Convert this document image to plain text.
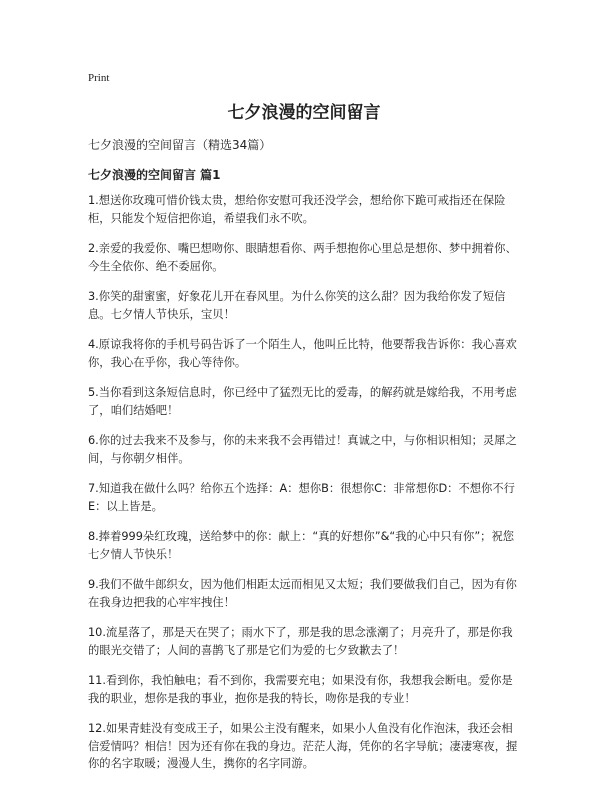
Print
七夕浪漫的空间留言
七夕浪漫的空间留言（精选34篇）
七夕浪漫的空间留言 篇1

1.想送你玫瑰可惜价钱太贵，想给你安慰可我还没学会，想给你下跪可戒指还在保险柜，只能发个短信把你追，希望我们永不吹。

2.亲爱的我爱你、嘴巴想吻你、眼睛想看你、两手想抱你心里总是想你、梦中拥着你、今生全依你、绝不委屈你。

3.你笑的甜蜜蜜，好象花儿开在春风里。为什么你笑的这么甜？因为我给你发了短信息。七夕情人节快乐，宝贝！

4.原谅我将你的手机号码告诉了一个陌生人，他叫丘比特，他要帮我告诉你：我心喜欢你，我心在乎你，我心等待你。

5.当你看到这条短信息时，你已经中了猛烈无比的爱毒，的解药就是嫁给我，不用考虑了，咱们结婚吧！

6.你的过去我来不及参与，你的未来我不会再错过！真诚之中，与你相识相知；灵犀之间，与你朝夕相伴。

7.知道我在做什么吗？给你五个选择：A：想你B：很想你C：非常想你D：不想你不行E：以上皆是。

8.捧着999朵红玫瑰，送给梦中的你：献上：“真的好想你”&“我的心中只有你”；祝您七夕情人节快乐！

9.我们不做牛郎织女，因为他们相距太远而相见又太短；我们要做我们自己，因为有你在我身边把我的心牢牢拽住！

10.流星落了，那是天在哭了；雨水下了，那是我的思念涨潮了；月亮升了，那是你我的眼光交错了；人间的喜鹊飞了那是它们为爱的七夕致歉去了！

11.看到你，我怕触电；看不到你，我需要充电；如果没有你，我想我会断电。爱你是我的职业，想你是我的事业，抱你是我的特长，吻你是我的专业！

12.如果青蛙没有变成王子，如果公主没有醒来，如果小人鱼没有化作泡沫，我还会相信爱情吗？相信！因为还有你在我的身边。茫茫人海，凭你的名字导航；凄凄寒夜，握你的名字取暖；漫漫人生，携你的名字同游。
